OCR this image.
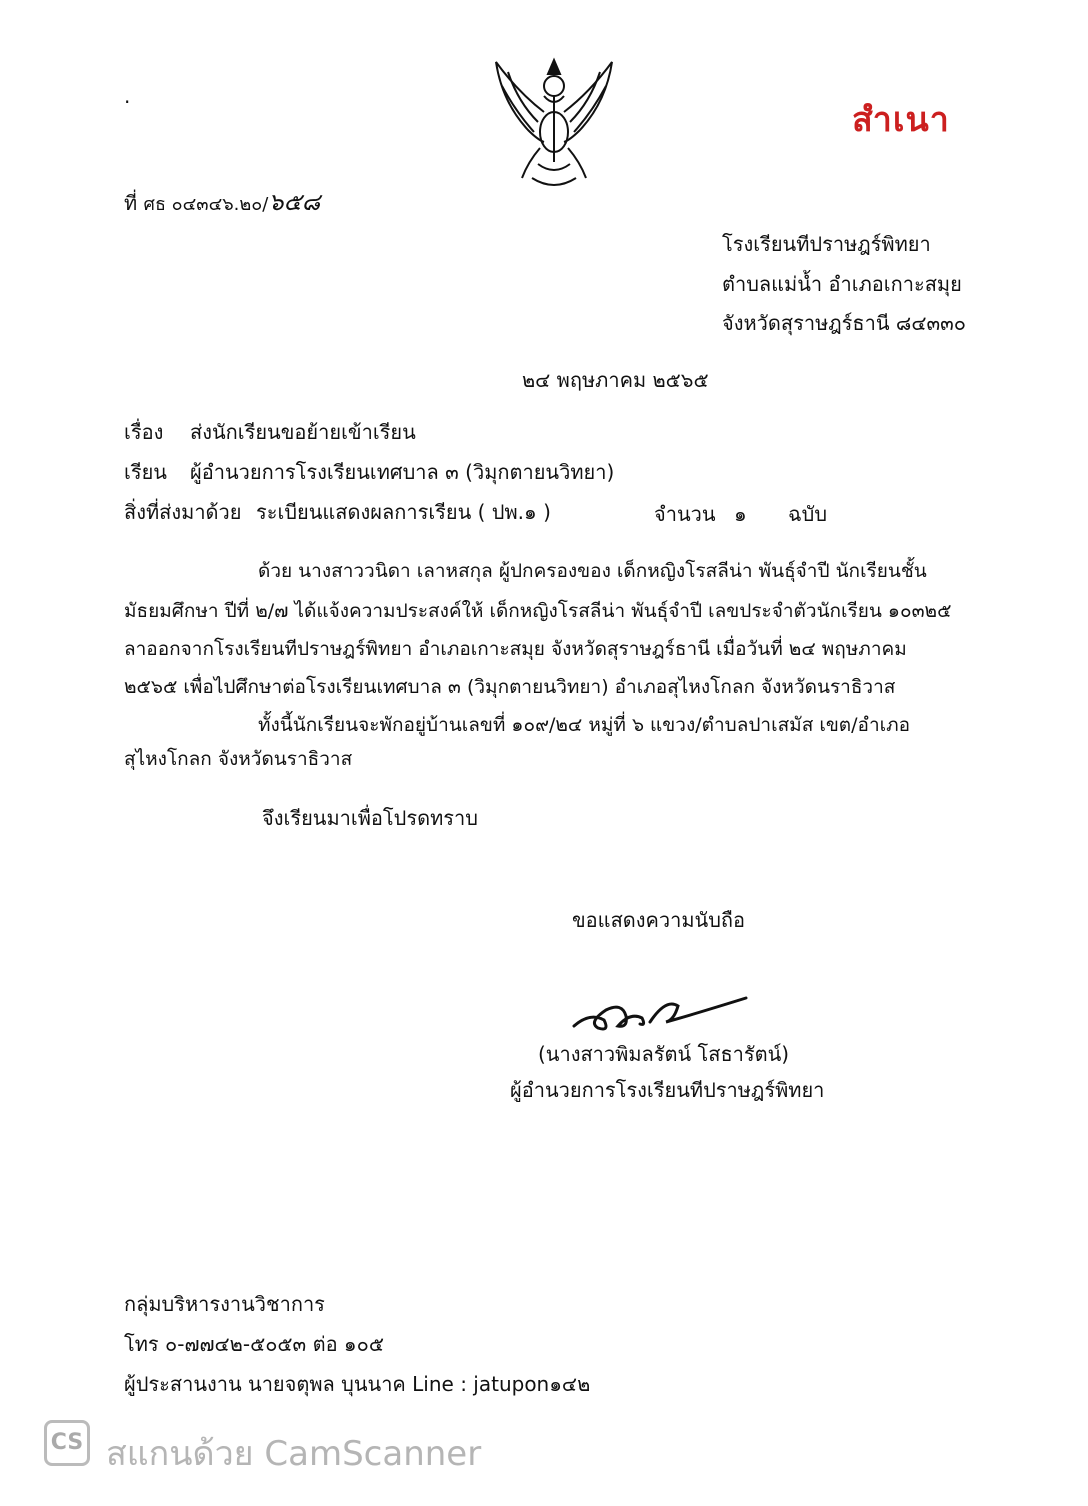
สำเนา
.
ที่ ศธ ๐๔๓๔๖.๒๐/๖๕๘
โรงเรียนทีปราษฎร์พิทยา
ตำบลแม่น้ำ อำเภอเกาะสมุย
จังหวัดสุราษฎร์ธานี ๘๔๓๓๐
๒๔ พฤษภาคม ๒๕๖๕
เรื่อง ส่งนักเรียนขอย้ายเข้าเรียน
เรียน ผู้อำนวยการโรงเรียนเทศบาล ๓ (วิมุกตายนวิทยา)
สิ่งที่ส่งมาด้วย ระเบียนแสดงผลการเรียน ( ปพ.๑ )	จำนวน ๑ ฉบับ
ด้วย นางสาววนิดา เลาหสกุล ผู้ปกครองของ เด็กหญิงโรสลีน่า พันธุ์จำปี นักเรียนชั้น
มัธยมศึกษา ปีที่ ๒/๗ ได้แจ้งความประสงค์ให้ เด็กหญิงโรสลีน่า พันธุ์จำปี เลขประจำตัวนักเรียน ๑๐๓๒๕
ลาออกจากโรงเรียนทีปราษฎร์พิทยา อำเภอเกาะสมุย จังหวัดสุราษฎร์ธานี เมื่อวันที่ ๒๔ พฤษภาคม
๒๕๖๕ เพื่อไปศึกษาต่อโรงเรียนเทศบาล ๓ (วิมุกตายนวิทยา) อำเภอสุไหงโกลก จังหวัดนราธิวาส
ทั้งนี้นักเรียนจะพักอยู่บ้านเลขที่ ๑๐๙/๒๔ หมู่ที่ ๖ แขวง/ตำบลปาเสมัส เขต/อำเภอ
สุไหงโกลก จังหวัดนราธิวาส
จึงเรียนมาเพื่อโปรดทราบ
ขอแสดงความนับถือ
(นางสาวพิมลรัตน์ โสธารัตน์)
ผู้อำนวยการโรงเรียนทีปราษฎร์พิทยา
กลุ่มบริหารงานวิชาการ
โทร ๐-๗๗๔๒-๕๐๕๓ ต่อ ๑๐๕
ผู้ประสานงาน นายจตุพล บุนนาค Line : jatupon๑๔๒
CS สแกนด้วย CamScanner
